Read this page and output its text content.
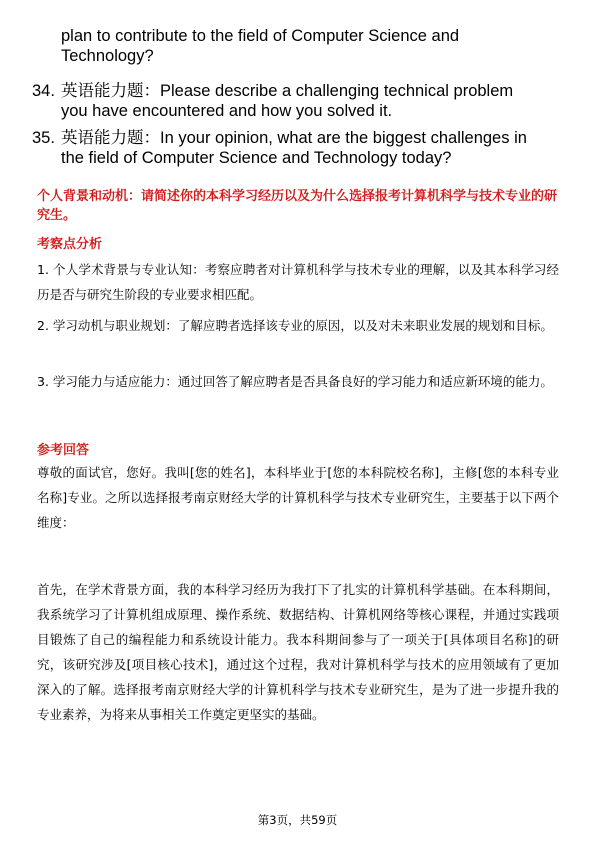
plan to contribute to the field of Computer Science and Technology?
34. 英语能力题：Please describe a challenging technical problem you have encountered and how you solved it.
35. 英语能力题：In your opinion, what are the biggest challenges in the field of Computer Science and Technology today?
个人背景和动机：请简述你的本科学习经历以及为什么选择报考计算机科学与技术专业的研究生。
考察点分析
1. 个人学术背景与专业认知：考察应聘者对计算机科学与技术专业的理解，以及其本科学习经历是否与研究生阶段的专业要求相匹配。
2. 学习动机与职业规划：了解应聘者选择该专业的原因，以及对未来职业发展的规划和目标。
3. 学习能力与适应能力：通过回答了解应聘者是否具备良好的学习能力和适应新环境的能力。
参考回答
尊敬的面试官，您好。我叫[您的姓名]，本科毕业于[您的本科院校名称]，主修[您的本科专业名称]专业。之所以选择报考南京财经大学的计算机科学与技术专业研究生，主要基于以下两个维度：
首先，在学术背景方面，我的本科学习经历为我打下了扎实的计算机科学基础。在本科期间，我系统学习了计算机组成原理、操作系统、数据结构、计算机网络等核心课程，并通过实践项目锻炼了自己的编程能力和系统设计能力。我本科期间参与了一项关于[具体项目名称]的研究，该研究涉及[项目核心技术]，通过这个过程，我对计算机科学与技术的应用领域有了更加深入的了解。选择报考南京财经大学的计算机科学与技术专业研究生，是为了进一步提升我的专业素养，为将来从事相关工作奠定更坚实的基础。
第3页，共59页
